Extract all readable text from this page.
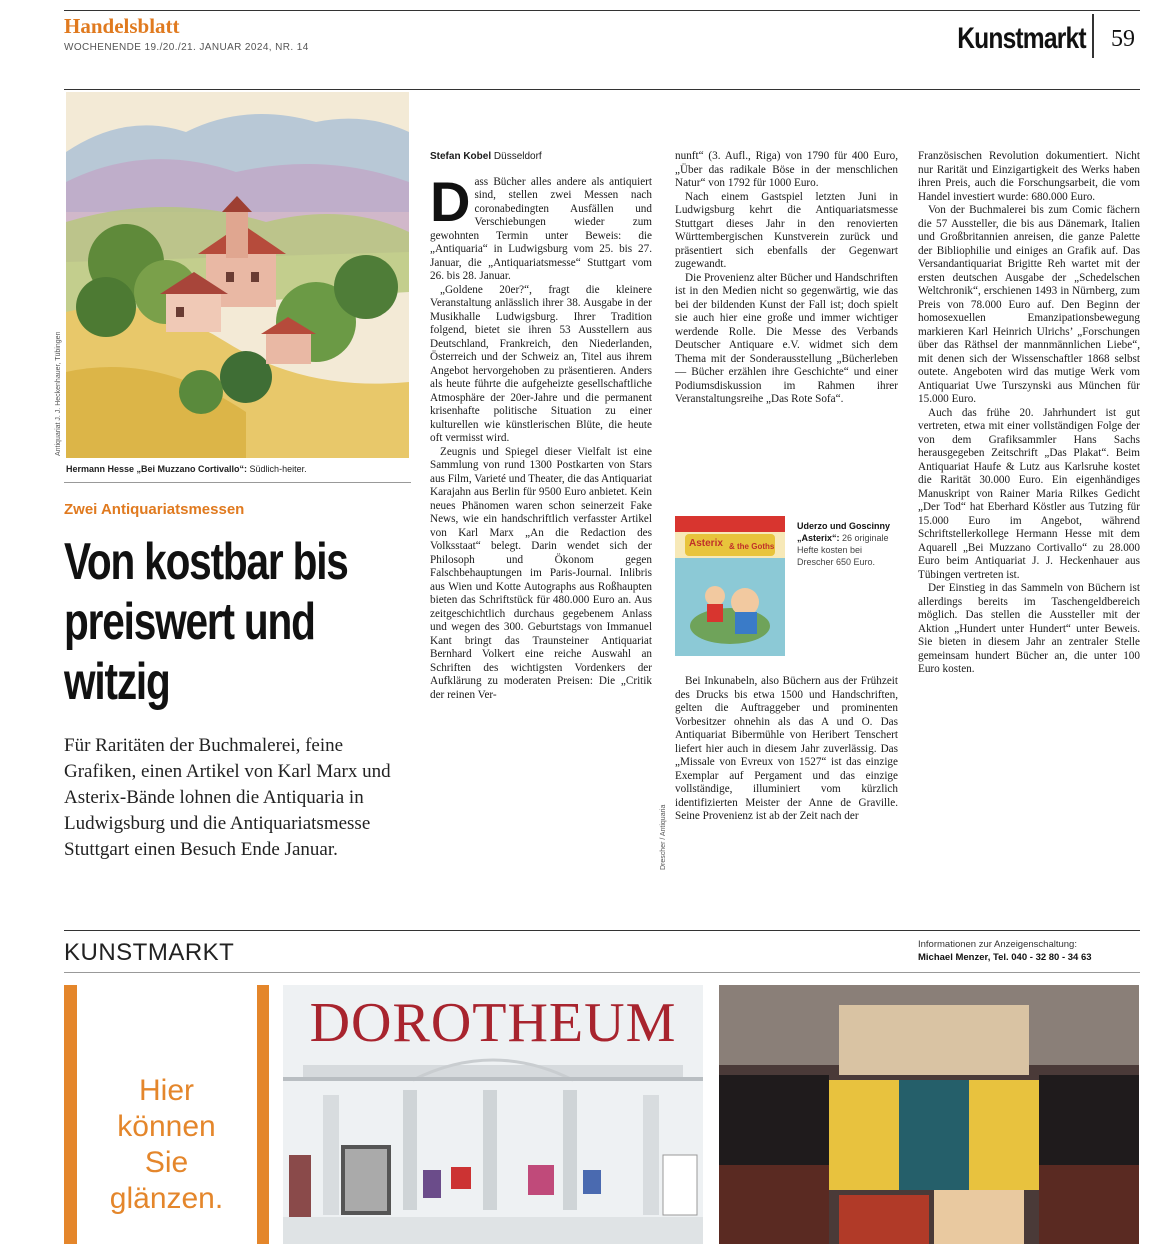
Handelsblatt
WOCHENENDE 19./20./21. JANUAR 2024, NR. 14	Kunstmarkt 59
Antiquariat J. J. Heckenhauer, Tübingen
Hermann Hesse „Bei Muzzano Cortivallo“: Südlich-heiter.
Zwei Antiquariatsmessen
Von kostbar bis preiswert und witzig
Für Raritäten der Buchmalerei, feine Grafiken, einen Artikel von Karl Marx und Asterix-Bände lohnen die Antiquaria in Ludwigsburg und die Antiquariatsmesse Stuttgart einen Besuch Ende Januar.
Stefan Kobel Düsseldorf
D ass Bücher alles andere als antiquiert sind, stellen zwei Messen nach coronabedingten Ausfällen und Verschiebungen wieder zum gewohnten Termin unter Beweis: die „Antiquaria“ in Ludwigsburg vom 25. bis 27. Januar, die „Antiquariatsmesse“ Stuttgart vom 26. bis 28. Januar.

„Goldene 20er?“, fragt die kleinere Veranstaltung anlässlich ihrer 38. Ausgabe in der Musikhalle Ludwigsburg. Ihrer Tradition folgend, bietet sie ihren 53 Ausstellern aus Deutschland, Frankreich, den Niederlanden, Österreich und der Schweiz an, Titel aus ihrem Angebot hervorgehoben zu präsentieren. Anders als heute führte die aufgeheizte gesellschaftliche Atmosphäre der 20er-Jahre und die permanent krisenhafte politische Situation zu einer kulturellen wie künstlerischen Blüte, die heute oft vermisst wird.

Zeugnis und Spiegel dieser Vielfalt ist eine Sammlung von rund 1300 Postkarten von Stars aus Film, Varieté und Theater, die das Antiquariat Karajahn aus Berlin für 9500 Euro anbietet. Kein neues Phänomen waren schon seinerzeit Fake News, wie ein handschriftlich verfasster Artikel von Karl Marx „An die Redaction des Volksstaat“ belegt. Darin wendet sich der Philosoph und Ökonom gegen Falschbehauptungen im Paris-Journal. Inlibris aus Wien und Kotte Autographs aus Roßhaupten bieten das Schriftstück für 480.000 Euro an. Aus zeitgeschichtlich durchaus gegebenem Anlass und wegen des 300. Geburtstags von Immanuel Kant bringt das Traunsteiner Antiquariat Bernhard Volkert eine reiche Auswahl an Schriften des wichtigsten Vordenkers der Aufklärung zu moderaten Preisen: Die „Critik der reinen Ver-

nunft“ (3. Aufl., Riga) von 1790 für 400 Euro, „Über das radikale Böse in der menschlichen Natur“ von 1792 für 1000 Euro.

Nach einem Gastspiel letzten Juni in Ludwigsburg kehrt die Antiquariatsmesse Stuttgart dieses Jahr in den renovierten Württembergischen Kunstverein zurück und präsentiert sich ebenfalls der Gegenwart zugewandt.

Die Provenienz alter Bücher und Handschriften ist in den Medien nicht so gegenwärtig, wie das bei der bildenden Kunst der Fall ist; doch spielt sie auch hier eine große und immer wichtiger werdende Rolle. Die Messe des Verbands Deutscher Antiquare e.V. widmet sich dem Thema mit der Sonderausstellung „Bücherleben — Bücher erzählen ihre Geschichte“ und einer Podiumsdiskussion im Rahmen ihrer Veranstaltungsreihe „Das Rote Sofa“.

Asterix & the Goths
Uderzo und Goscinny „Asterix“: 26 originale Hefte kosten bei Drescher 650 Euro.
Drescher / Antiquaria

Bei Inkunabeln, also Büchern aus der Frühzeit des Drucks bis etwa 1500 und Handschriften, gelten die Auftraggeber und prominenten Vorbesitzer ohnehin als das A und O. Das Antiquariat Bibermühle von Heribert Tenschert liefert hier auch in diesem Jahr zuverlässig. Das „Missale von Evreux von 1527“ ist das einzige Exemplar auf Pergament und das einzige vollständige, illuminiert vom kürzlich identifizierten Meister der Anne de Graville. Seine Provenienz ist ab der Zeit nach der

Französischen Revolution dokumentiert. Nicht nur Rarität und Einzigartigkeit des Werks haben ihren Preis, auch die Forschungsarbeit, die vom Handel investiert wurde: 680.000 Euro.

Von der Buchmalerei bis zum Comic fächern die 57 Aussteller, die bis aus Dänemark, Italien und Großbritannien anreisen, die ganze Palette der Bibliophilie und einiges an Grafik auf. Das Versandantiquariat Brigitte Reh wartet mit der ersten deutschen Ausgabe der „Schedelschen Weltchronik“, erschienen 1493 in Nürnberg, zum Preis von 78.000 Euro auf. Den Beginn der homosexuellen Emanzipationsbewegung markieren Karl Heinrich Ulrichs’ „Forschungen über das Räthsel der mannmännlichen Liebe“, mit denen sich der Wissenschaftler 1868 selbst outete. Angeboten wird das mutige Werk vom Antiquariat Uwe Turszynski aus München für 15.000 Euro.

Auch das frühe 20. Jahrhundert ist gut vertreten, etwa mit einer vollständigen Folge der von dem Grafiksammler Hans Sachs herausgegeben Zeitschrift „Das Plakat“. Beim Antiquariat Haufe & Lutz aus Karlsruhe kostet die Rarität 30.000 Euro. Ein eigenhändiges Manuskript von Rainer Maria Rilkes Gedicht „Der Tod“ hat Eberhard Köstler aus Tutzing für 15.000 Euro im Angebot, während Schriftstellerkollege Hermann Hesse mit dem Aquarell „Bei Muzzano Cortivallo“ zu 28.000 Euro beim Antiquariat J. J. Heckenhauer aus Tübingen vertreten ist.

Der Einstieg in das Sammeln von Büchern ist allerdings bereits im Taschengeldbereich möglich. Das stellen die Aussteller mit der Aktion „Hundert unter Hundert“ unter Beweis. Sie bieten in diesem Jahr an zentraler Stelle gemeinsam hundert Bücher an, die unter 100 Euro kosten.

KUNSTMARKT	Informationen zur Anzeigenschaltung:
Michael Menzer, Tel. 040 - 32 80 - 34 63
Hier
können
Sie
glänzen.
DOROTHEUM
